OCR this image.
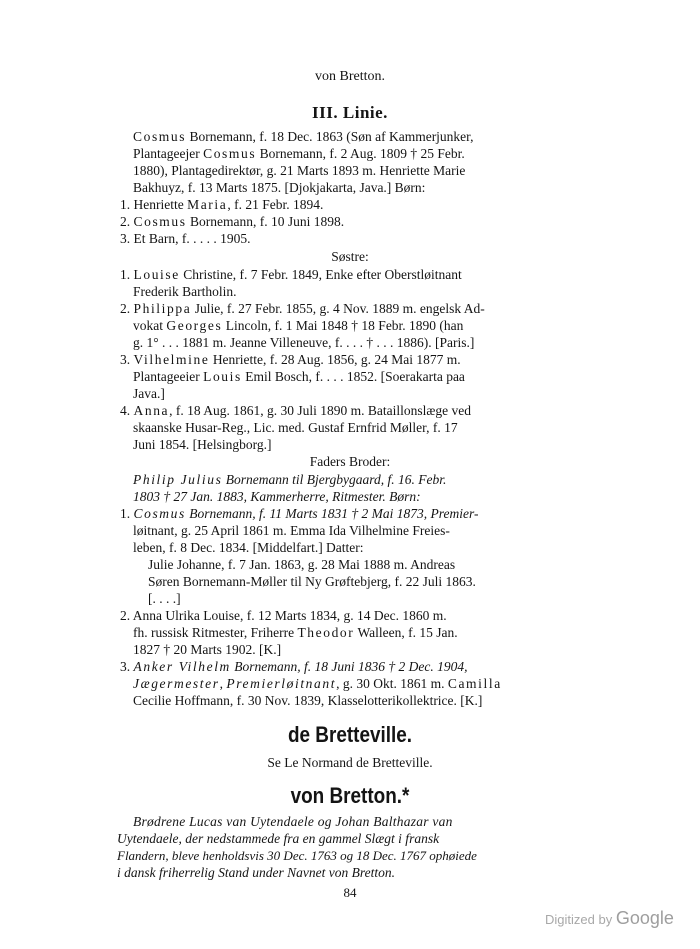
von Bretton.
III. Linie.
Cosmus Bornemann, f. 18 Dec. 1863 (Søn af Kammerjunker,
Plantageejer Cosmus Bornemann, f. 2 Aug. 1809 † 25 Febr.
1880), Plantagedirektør, g. 21 Marts 1893 m. Henriette Marie
Bakhuyz, f. 13 Marts 1875. [Djokjakarta, Java.] Børn:
1. Henriette Maria, f. 21 Febr. 1894.
2. Cosmus Bornemann, f. 10 Juni 1898.
3. Et Barn, f. . . . . 1905.
Søstre:
1. Louise Christine, f. 7 Febr. 1849, Enke efter Oberstløitnant
Frederik Bartholin.
2. Philippa Julie, f. 27 Febr. 1855, g. 4 Nov. 1889 m. engelsk Ad-
vokat Georges Lincoln, f. 1 Mai 1848 † 18 Febr. 1890 (han
g. 1° . . . 1881 m. Jeanne Villeneuve, f. . . . † . . . 1886). [Paris.]
3. Vilhelmine Henriette, f. 28 Aug. 1856, g. 24 Mai 1877 m.
Plantageeier Louis Emil Bosch, f. . . . 1852. [Soerakarta paa
Java.]
4. Anna, f. 18 Aug. 1861, g. 30 Juli 1890 m. Bataillonslæge ved
skaanske Husar-Reg., Lic. med. Gustaf Ernfrid Møller, f. 17
Juni 1854. [Helsingborg.]
Faders Broder:
Philip Julius Bornemann til Bjergbygaard, f. 16. Febr.
1803 † 27 Jan. 1883, Kammerherre, Ritmester. Børn:
1. Cosmus Bornemann, f. 11 Marts 1831 † 2 Mai 1873, Premier-
løitnant, g. 25 April 1861 m. Emma Ida Vilhelmine Freies-
leben, f. 8 Dec. 1834. [Middelfart.] Datter:
Julie Johanne, f. 7 Jan. 1863, g. 28 Mai 1888 m. Andreas
Søren Bornemann-Møller til Ny Grøftebjerg, f. 22 Juli 1863.
[. . . .]
2. Anna Ulrika Louise, f. 12 Marts 1834, g. 14 Dec. 1860 m.
fh. russisk Ritmester, Friherre Theodor Walleen, f. 15 Jan.
1827 † 20 Marts 1902. [K.]
3. Anker Vilhelm Bornemann, f. 18 Juni 1836 † 2 Dec. 1904,
Jægermester, Premierløitnant, g. 30 Okt. 1861 m. Camilla
Cecilie Hoffmann, f. 30 Nov. 1839, Klasselotterikollektrice. [K.]
de Bretteville.
Se Le Normand de Bretteville.
von Bretton.*
Brødrene Lucas van Uytendaele og Johan Balthazar van
Uytendaele, der nedstammede fra en gammel Slægt i fransk
Flandern, bleve henholdsvis 30 Dec. 1763 og 18 Dec. 1767 ophøiede
i dansk friherrelig Stand under Navnet von Bretton.
84
Digitized by Google
